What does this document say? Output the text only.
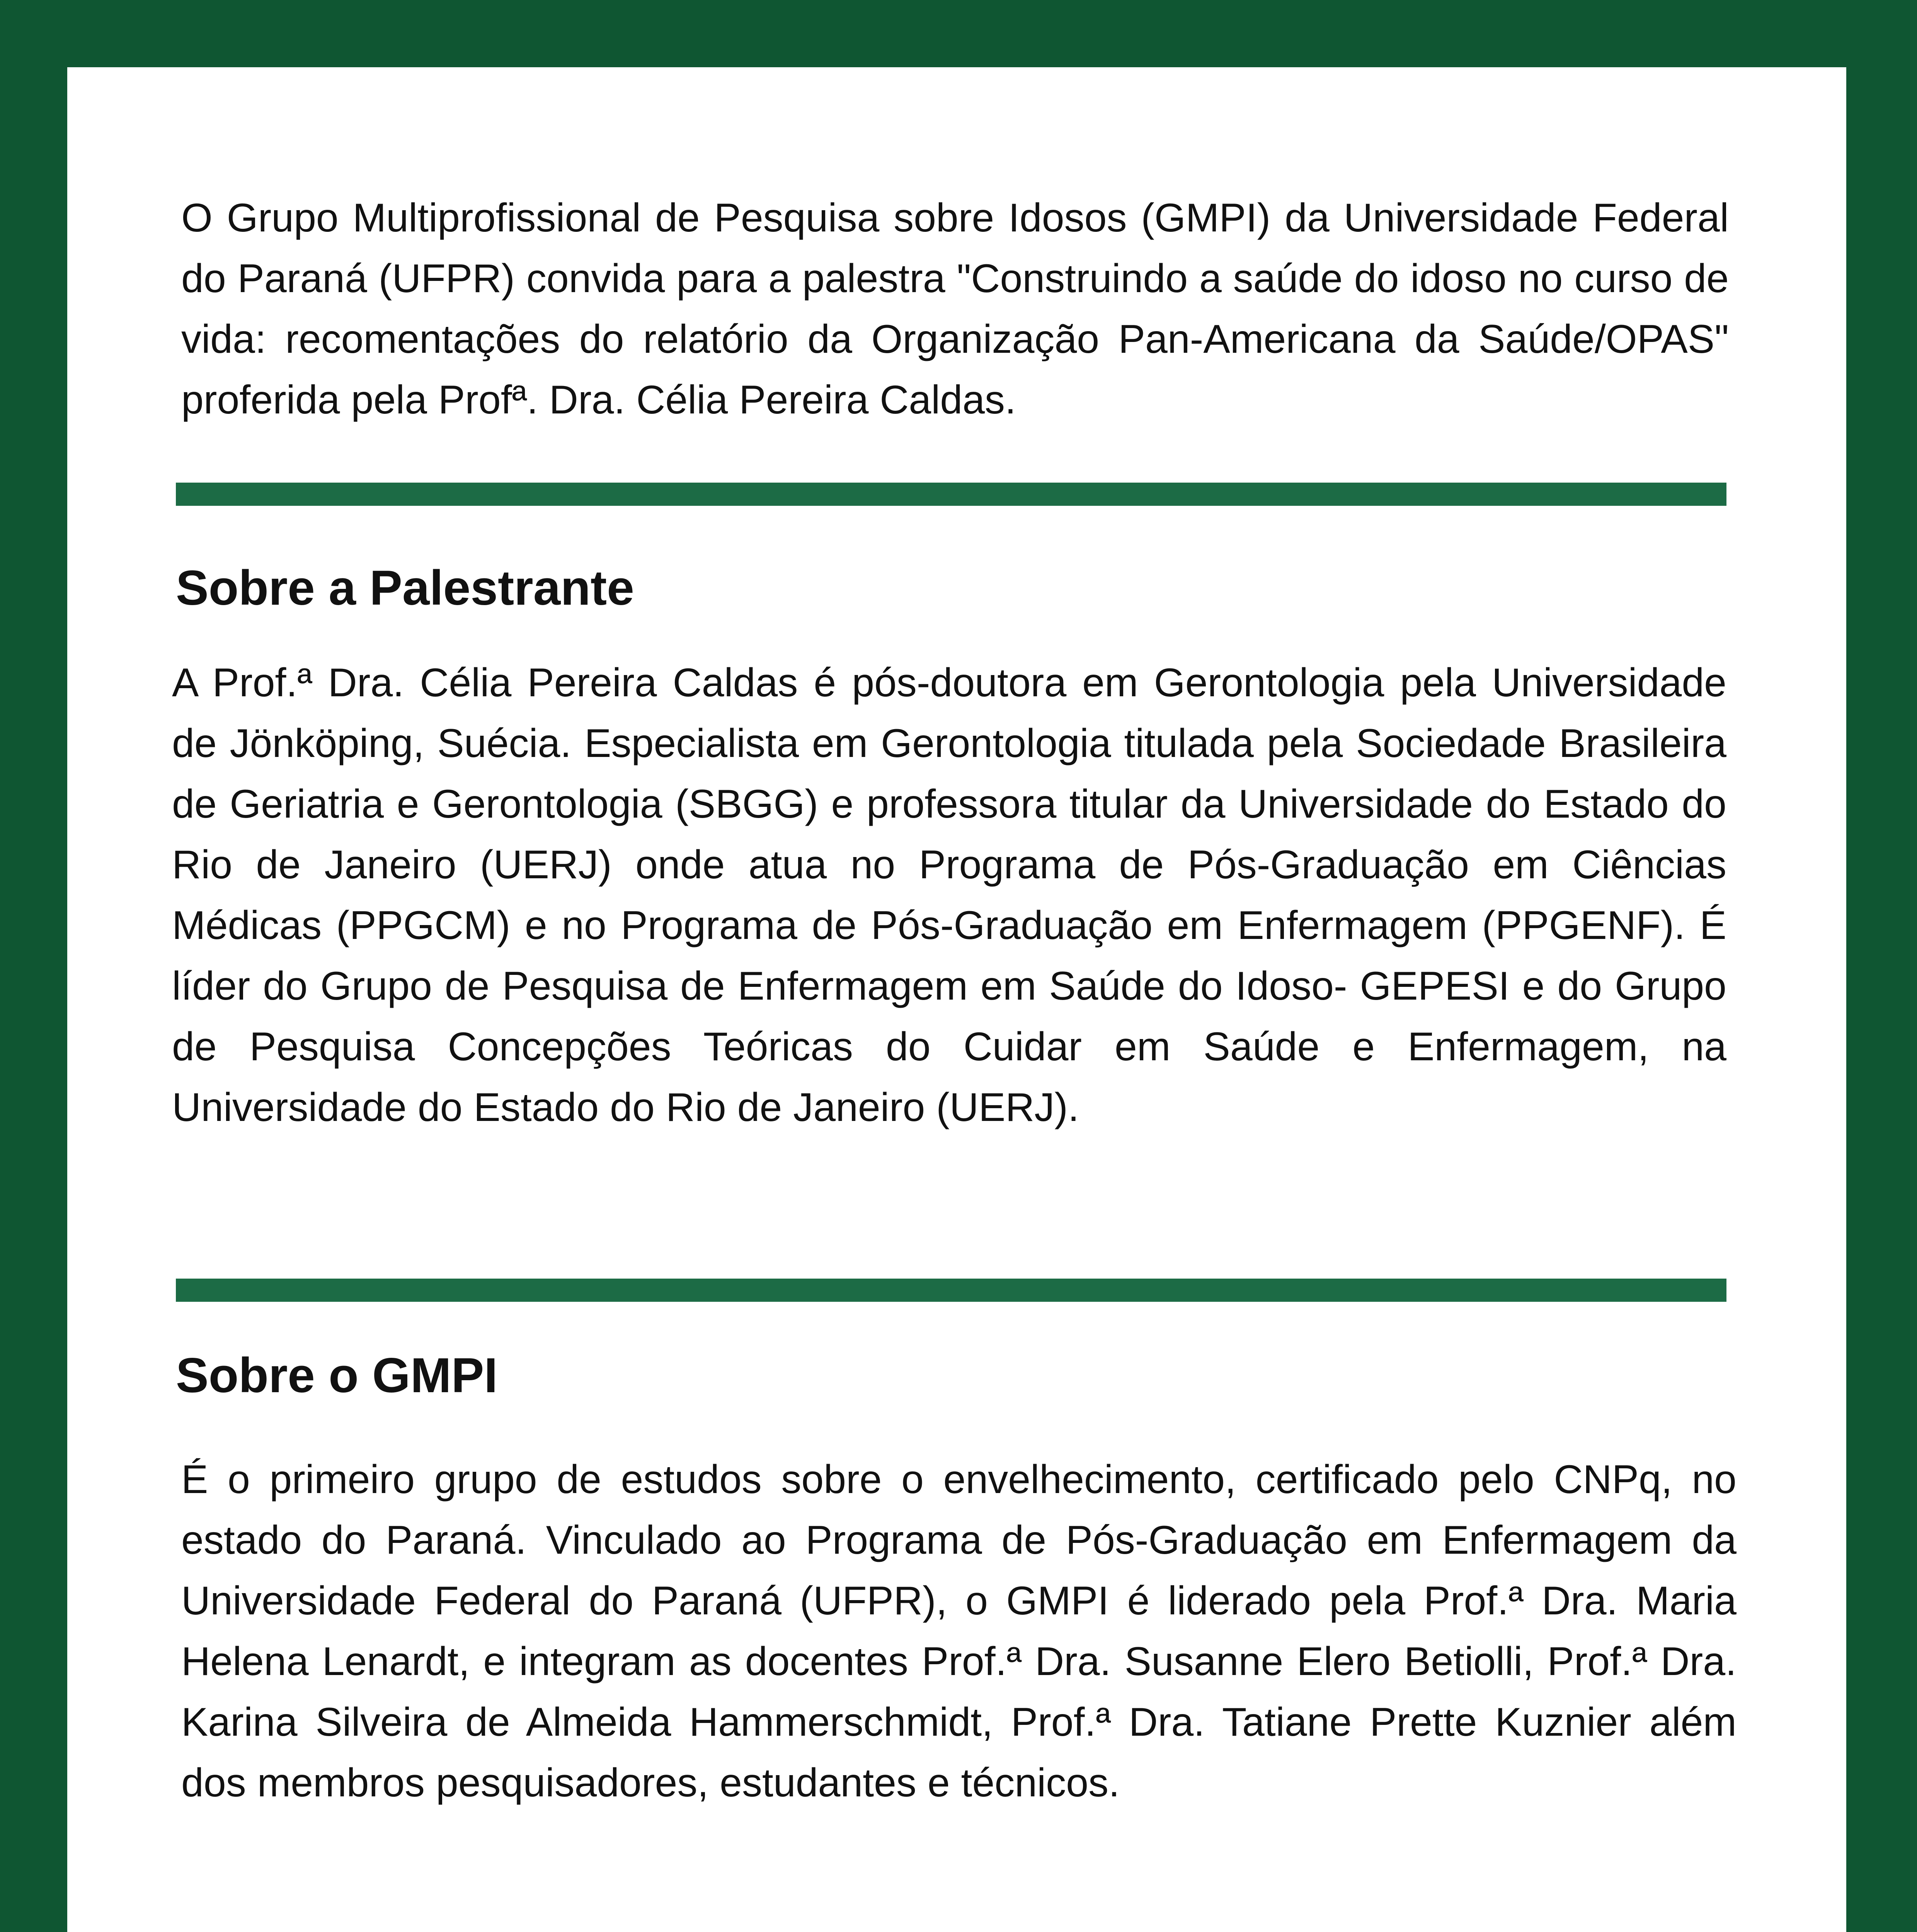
O Grupo Multiprofissional de Pesquisa sobre Idosos (GMPI) da Universidade Federal do Paraná (UFPR) convida para a palestra "Construindo a saúde do idoso no curso de vida: recomentações do relatório da Organização Pan-Americana da Saúde/OPAS" proferida pela Profª. Dra. Célia Pereira Caldas.

Sobre a Palestrante

A Prof.ª Dra. Célia Pereira Caldas é pós-doutora em Gerontologia pela Universidade de Jönköping, Suécia. Especialista em Gerontologia titulada pela Sociedade Brasileira de Geriatria e Gerontologia (SBGG) e professora titular da Universidade do Estado do Rio de Janeiro (UERJ) onde atua no Programa de Pós-Graduação em Ciências Médicas (PPGCM) e no Programa de Pós-Graduação em Enfermagem (PPGENF). É líder do Grupo de Pesquisa de Enfermagem em Saúde do Idoso- GEPESI e do Grupo de Pesquisa Concepções Teóricas do Cuidar em Saúde e Enfermagem, na Universidade do Estado do Rio de Janeiro (UERJ).

Sobre o GMPI

É o primeiro grupo de estudos sobre o envelhecimento, certificado pelo CNPq, no estado do Paraná. Vinculado ao Programa de Pós-Graduação em Enfermagem da Universidade Federal do Paraná (UFPR), o GMPI é liderado pela Prof.ª Dra. Maria Helena Lenardt, e integram as docentes Prof.ª Dra. Susanne Elero Betiolli, Prof.ª Dra. Karina Silveira de Almeida Hammerschmidt, Prof.ª Dra. Tatiane Prette Kuznier além dos membros pesquisadores, estudantes e técnicos.
